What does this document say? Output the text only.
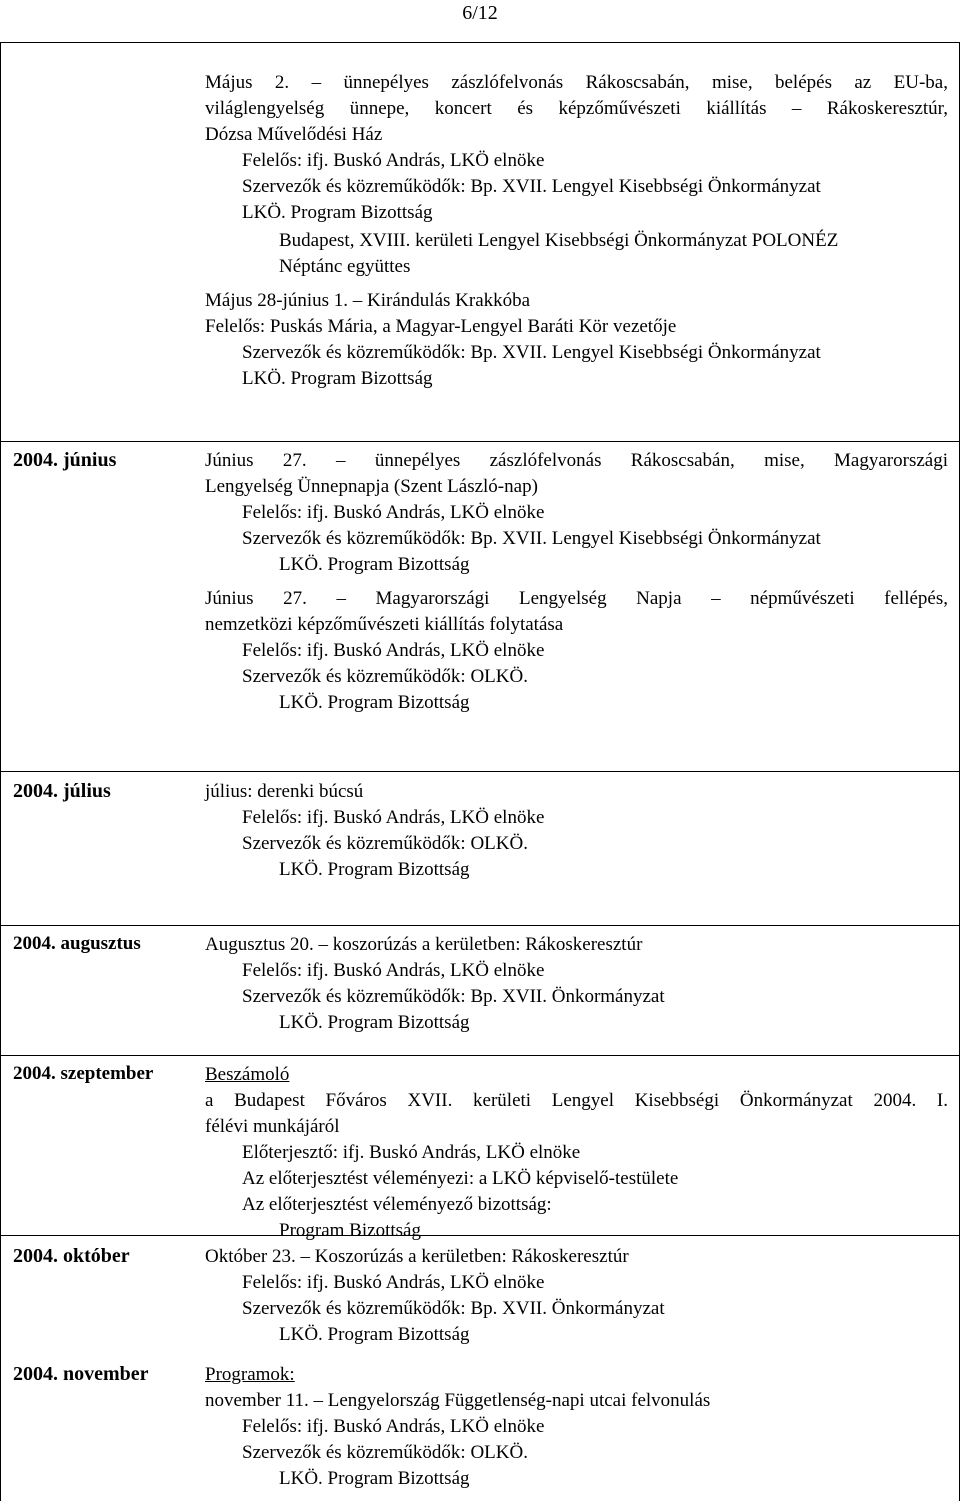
6/12
Május 2. – ünnepélyes zászlófelvonás Rákoscsabán, mise, belépés az EU-ba,
világlengyelség ünnepe, koncert és képzőművészeti kiállítás – Rákoskeresztúr,
Dózsa Művelődési Ház
Felelős: ifj. Buskó András, LKÖ elnöke
Szervezők és közreműködők: Bp. XVII. Lengyel Kisebbségi Önkormányzat
LKÖ. Program Bizottság
Budapest, XVIII. kerületi Lengyel Kisebbségi Önkormányzat POLONÉZ
Néptánc együttes
Május 28-június 1. – Kirándulás Krakkóba
Felelős: Puskás Mária, a Magyar-Lengyel Baráti Kör vezetője
Szervezők és közreműködők: Bp. XVII. Lengyel Kisebbségi Önkormányzat
LKÖ. Program Bizottság
2004. június	Június 27. – ünnepélyes zászlófelvonás Rákoscsabán, mise, Magyarországi
Lengyelség Ünnepnapja (Szent László-nap)
Felelős: ifj. Buskó András, LKÖ elnöke
Szervezők és közreműködők: Bp. XVII. Lengyel Kisebbségi Önkormányzat
LKÖ. Program Bizottság
Június 27. – Magyarországi Lengyelség Napja – népművészeti fellépés,
nemzetközi képzőművészeti kiállítás folytatása
Felelős: ifj. Buskó András, LKÖ elnöke
Szervezők és közreműködők: OLKÖ.
LKÖ. Program Bizottság
2004. július	július: derenki búcsú
Felelős: ifj. Buskó András, LKÖ elnöke
Szervezők és közreműködők: OLKÖ.
LKÖ. Program Bizottság
2004. augusztus	Augusztus 20. – koszorúzás a kerületben: Rákoskeresztúr
Felelős: ifj. Buskó András, LKÖ elnöke
Szervezők és közreműködők: Bp. XVII. Önkormányzat
LKÖ. Program Bizottság
2004. szeptember	Beszámoló
a Budapest Főváros XVII. kerületi Lengyel Kisebbségi Önkormányzat 2004. I.
félévi munkájáról
Előterjesztő: ifj. Buskó András, LKÖ elnöke
Az előterjesztést véleményezi: a LKÖ képviselő-testülete
Az előterjesztést véleményező bizottság:
Program Bizottság
2004. október	Október 23. – Koszorúzás a kerületben: Rákoskeresztúr
Felelős: ifj. Buskó András, LKÖ elnöke
Szervezők és közreműködők: Bp. XVII. Önkormányzat
LKÖ. Program Bizottság
2004. november	Programok:
november 11. – Lengyelország Függetlenség-napi utcai felvonulás
Felelős: ifj. Buskó András, LKÖ elnöke
Szervezők és közreműködők: OLKÖ.
LKÖ. Program Bizottság
